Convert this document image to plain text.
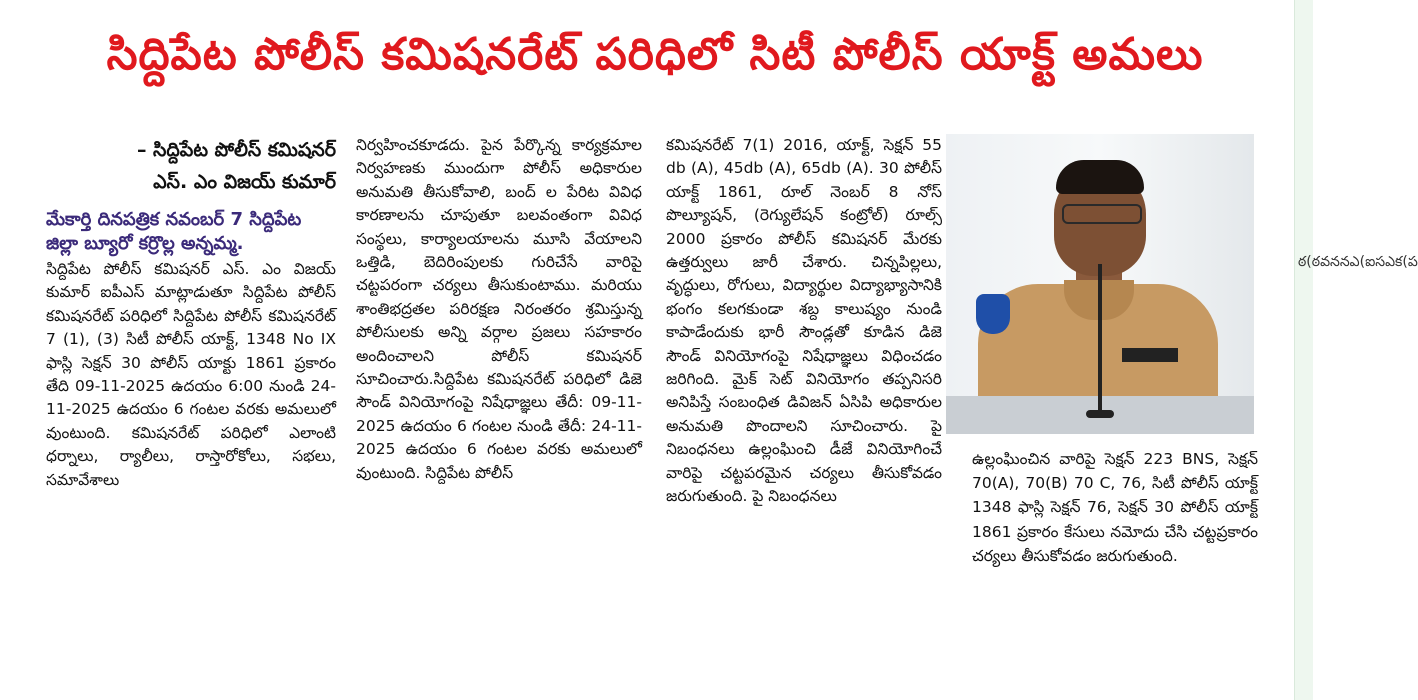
సిద్దిపేట పోలీస్ కమిషనరేట్ పరిధిలో సిటీ పోలీస్ యాక్ట్ అమలు

– సిద్దిపేట పోలీస్ కమిషనర్

ఎస్. ఎం విజయ్ కుమార్

మేకార్తి దినపత్రిక నవంబర్ 7 సిద్దిపేట జిల్లా బ్యూరో కర్రొల్ల అన్నమ్మ.

సిద్దిపేట పోలీస్ కమిషనర్ ఎస్. ఎం విజయ్ కుమార్ ఐపీఎస్ మాట్లాడుతూ సిద్దిపేట పోలీస్ కమిషనరేట్ పరిధిలో సిద్దిపేట పోలీస్ కమిషనరేట్ 7 (1), (3) సిటీ పోలీస్ యాక్ట్, 1348 No IX ఫాస్లి సెక్షన్ 30 పోలీస్ యాక్టు 1861 ప్రకారం తేది 09-11-2025 ఉదయం 6:00 నుండి 24-11-2025 ఉదయం 6 గంటల వరకు అమలులో వుంటుంది. కమిషనరేట్ పరిధిలో ఎలాంటి ధర్నాలు, ర్యాలీలు, రాస్తారోకోలు, సభలు, సమావేశాలు

నిర్వహించకూడదు. పైన పేర్కొన్న కార్యక్రమాల నిర్వహణకు ముందుగా పోలీస్ అధికారుల అనుమతి తీసుకోవాలి, బంద్ ల పేరిట వివిధ కారణాలను చూపుతూ బలవంతంగా వివిధ సంస్థలు, కార్యాలయాలను మూసి వేయాలని ఒత్తిడి, బెదిరింపులకు గురిచేసే వారిపై చట్టపరంగా చర్యలు తీసుకుంటాము. మరియు శాంతిభద్రతల పరిరక్షణ నిరంతరం శ్రమిస్తున్న పోలీసులకు అన్ని వర్గాల ప్రజలు సహకారం అందించాలని పోలీస్ కమిషనర్ సూచించారు.సిద్దిపేట కమిషనరేట్ పరిధిలో డిజె సౌండ్ వినియోగంపై నిషేధాజ్ఞలు తేదీ: 09-11-2025 ఉదయం 6 గంటల నుండి తేదీ: 24-11-2025 ఉదయం 6 గంటల వరకు అమలులో వుంటుంది. సిద్దిపేట పోలీస్

కమిషనరేట్ 7(1) 2016, యాక్ట్, సెక్షన్ 55 db (A), 45db (A), 65db (A). 30 పోలీస్ యాక్ట్ 1861, రూల్ నెంబర్ 8 నోస్ పొల్యూషన్, (రెగ్యులేషన్ కంట్రోల్) రూల్స్ 2000 ప్రకారం పోలీస్ కమిషనర్ మేరకు ఉత్తర్వులు జారీ చేశారు. చిన్నపిల్లలు, వృద్ధులు, రోగులు, విద్యార్థుల విద్యాభ్యాసానికి భంగం కలగకుండా శబ్ద కాలుష్యం నుండి కాపాడేందుకు భారీ సౌండ్లతో కూడిన డిజె సౌండ్ వినియోగంపై నిషేధాజ్ఞలు విధించడం జరిగింది. మైక్ సెట్ వినియోగం తప్పనిసరి అనిపిస్తే సంబంధిత డివిజన్ ఏసిపి అధికారుల అనుమతి పొందాలని సూచించారు. పై నిబంధనలు ఉల్లంఘించి డీజే వినియోగించే వారిపై చట్టపరమైన చర్యలు తీసుకోవడం జరుగుతుంది. పై నిబంధనలు

ఉల్లంఘించిన వారిపై సెక్షన్ 223 BNS, సెక్షన్ 70(A), 70(B) 70 C, 76, సిటీ పోలీస్ యాక్ట్ 1348 ఫాస్లి సెక్షన్ 76, సెక్షన్ 30 పోలీస్ యాక్ట్ 1861 ప్రకారం కేసులు నమోదు చేసి చట్టప్రకారం చర్యలు తీసుకోవడం జరుగుతుంది.
ఠ(ఠవననఎ(ఐసఎక(ప
